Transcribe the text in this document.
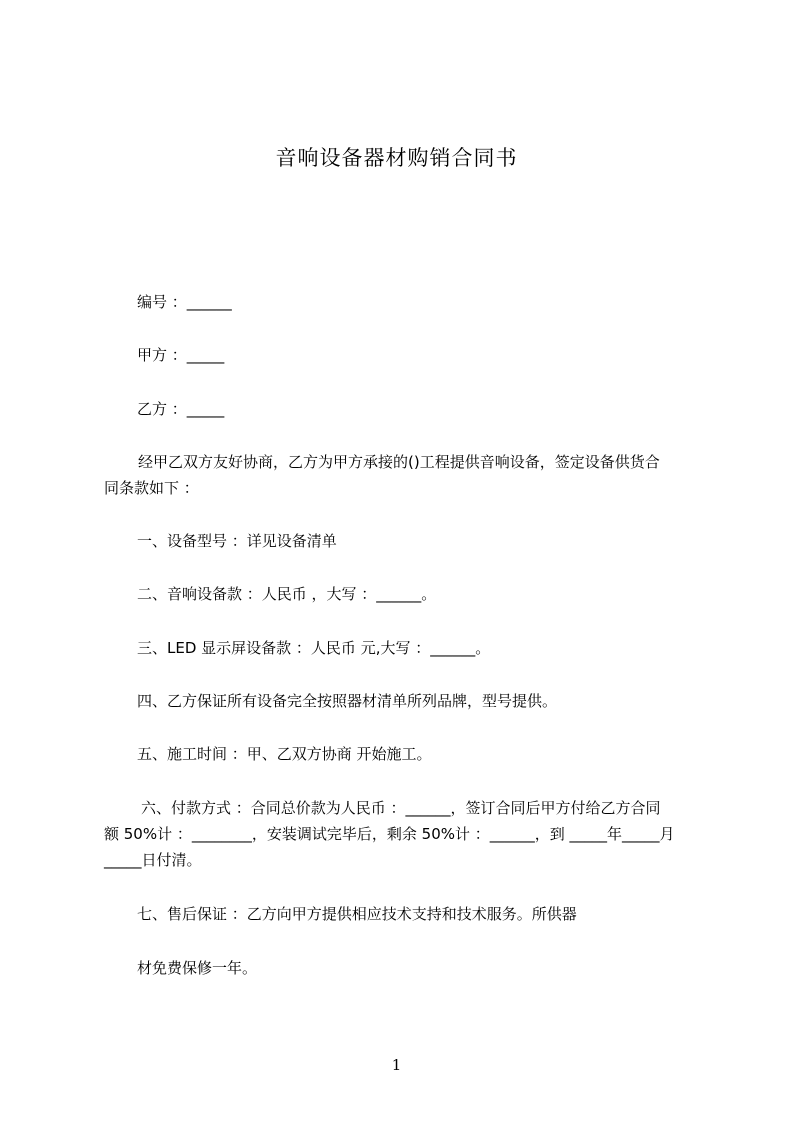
音响设备器材购销合同书
编号 ：______
甲方 ：_____
乙方 ：_____
经甲乙双方友好协商，乙方为甲方承接的()工程提供音响设备，签定设备供货合
同条款如下 ：
一、设备型号 ：详见设备清单
二、音响设备款 ：人民币 ，大写 ：______。
三、LED 显示屏设备款 ：人民币 元,大写 ：______。
四、乙方保证所有设备完全按照器材清单所列品牌，型号提供。
五、施工时间 ：甲、乙双方协商 开始施工。
六、付款方式 ：合同总价款为人民币 ：______，签订合同后甲方付给乙方合同
额 50%计 ：________，安装调试完毕后，剩余 50%计 ：______，到 _____年_____月
_____日付清。
七、售后保证 ：乙方向甲方提供相应技术支持和技术服务。所供器
材免费保修一年。
1
